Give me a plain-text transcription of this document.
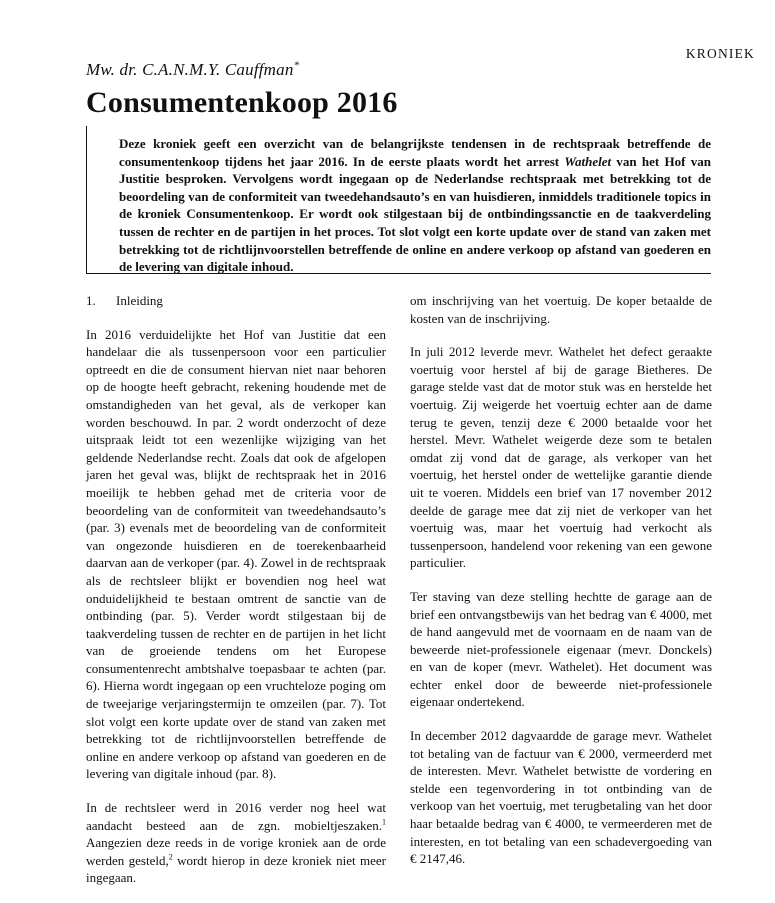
KRONIEK
Mw. dr. C.A.N.M.Y. Cauffman*
Consumentenkoop 2016
Deze kroniek geeft een overzicht van de belangrijkste tendensen in de rechtspraak betreffende de consumentenkoop tijdens het jaar 2016. In de eerste plaats wordt het arrest Wathelet van het Hof van Justitie besproken. Vervolgens wordt ingegaan op de Nederlandse rechtspraak met betrekking tot de beoordeling van de conformiteit van tweedehandsauto’s en van huisdieren, inmiddels traditionele topics in de kroniek Consumentenkoop. Er wordt ook stilgestaan bij de ontbindingssanctie en de taakverdeling tussen de rechter en de partijen in het proces. Tot slot volgt een korte update over de stand van zaken met betrekking tot de richtlijnvoorstellen betreffende de online en andere verkoop op afstand van goederen en de levering van digitale inhoud.
1. Inleiding

In 2016 verduidelijkte het Hof van Justitie dat een handelaar die als tussenpersoon voor een particulier optreedt en die de consument hiervan niet naar behoren op de hoogte heeft gebracht, rekening houdende met de omstandigheden van het geval, als de verkoper kan worden beschouwd. In par. 2 wordt onderzocht of deze uitspraak leidt tot een wezenlijke wijziging van het geldende Nederlandse recht. Zoals dat ook de afgelopen jaren het geval was, blijkt de rechtspraak het in 2016 moeilijk te hebben gehad met de criteria voor de beoordeling van de conformiteit van tweedehandsauto’s (par. 3) evenals met de beoordeling van de conformiteit van ongezonde huisdieren en de toerekenbaarheid daarvan aan de verkoper (par. 4). Zowel in de rechtspraak als de rechtsleer blijkt er bovendien nog heel wat onduidelijkheid te bestaan omtrent de sanctie van de ontbinding (par. 5). Verder wordt stilgestaan bij de taakverdeling tussen de rechter en de partijen in het licht van de groeiende tendens om het Europese consumentenrecht ambtshalve toepasbaar te achten (par. 6). Hierna wordt ingegaan op een vruchteloze poging om de tweejarige verjaringstermijn te omzeilen (par. 7). Tot slot volgt een korte update over de stand van zaken met betrekking tot de richtlijnvoorstellen betreffende de online en andere verkoop op afstand van goederen en de levering van digitale inhoud (par. 8).

In de rechtsleer werd in 2016 verder nog heel wat aandacht besteed aan de zgn. mobieltjeszaken.$^1$ Aangezien deze reeds in de vorige kroniek aan de orde werden gesteld,$^2$ wordt hierop in deze kroniek niet meer ingegaan.

om inschrijving van het voertuig. De koper betaalde de kosten van de inschrijving.

In juli 2012 leverde mevr. Wathelet het defect geraakte voertuig voor herstel af bij de garage Bietheres. De garage stelde vast dat de motor stuk was en herstelde het voertuig. Zij weigerde het voertuig echter aan de dame terug te geven, tenzij deze € 2000 betaalde voor het herstel. Mevr. Wathelet weigerde deze som te betalen omdat zij vond dat de garage, als verkoper van het voertuig, het herstel onder de wettelijke garantie diende uit te voeren. Middels een brief van 17 november 2012 deelde de garage mee dat zij niet de verkoper van het voertuig was, maar het voertuig had verkocht als tussenpersoon, handelend voor rekening van een gewone particulier.

Ter staving van deze stelling hechtte de garage aan de brief een ontvangstbewijs van het bedrag van € 4000, met de hand aangevuld met de voornaam en de naam van de beweerde niet-professionele eigenaar (mevr. Donckels) en van de koper (mevr. Wathelet). Het document was echter enkel door de beweerde niet-professionele eigenaar ondertekend.

In december 2012 dagvaardde de garage mevr. Wathelet tot betaling van de factuur van € 2000, vermeerderd met de interesten. Mevr. Wathelet betwistte de vordering en stelde een tegenvordering in tot ontbinding van de verkoop van het voertuig, met terugbetaling van het door haar betaalde bedrag van € 4000, te vermeerderen met de interesten, en tot betaling van een schadevergoeding van € 2147,46.
